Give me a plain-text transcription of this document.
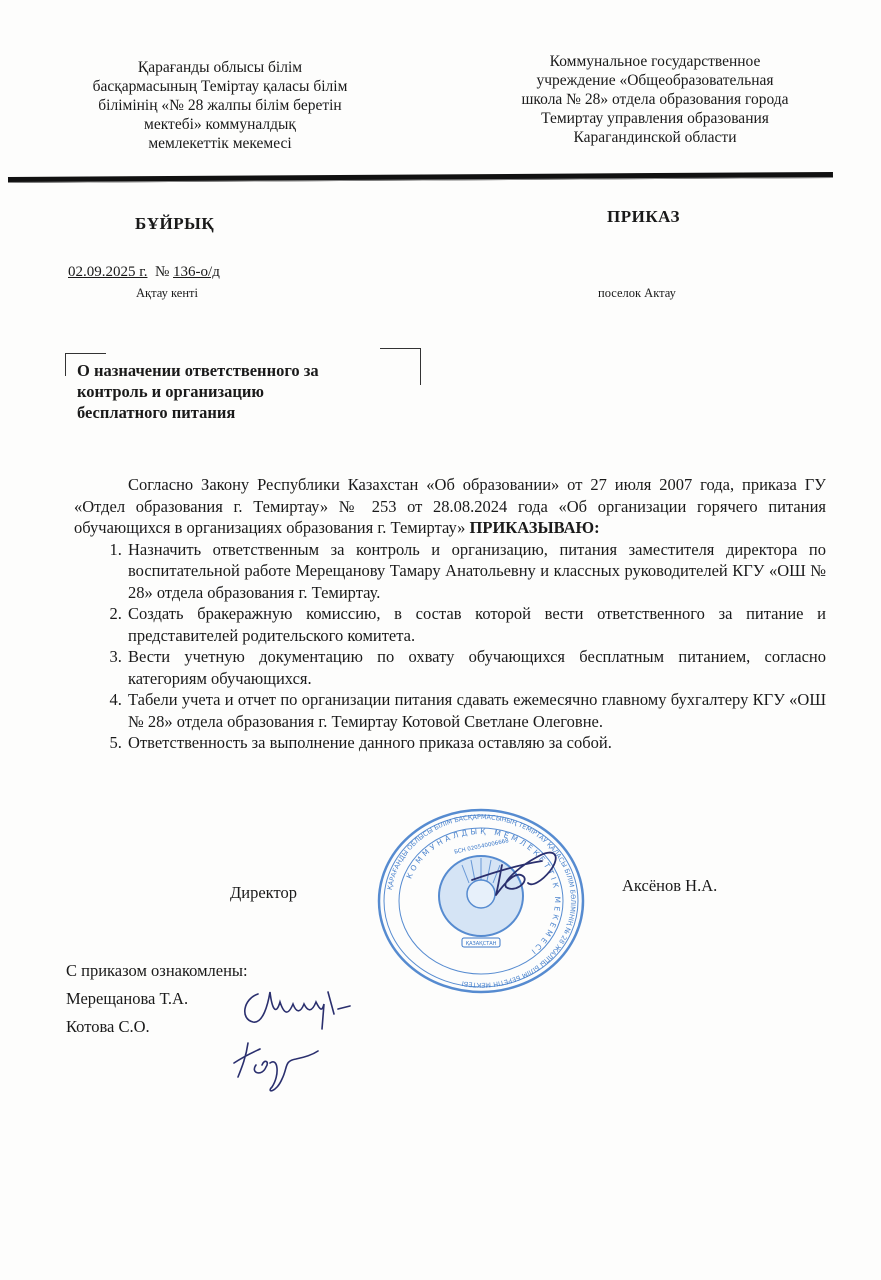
Қарағанды облысы білім
басқармасының Теміртау қаласы білім
білімінің «№ 28 жалпы білім беретін
мектебі» коммуналдық
мемлекеттік мекемесі
Коммунальное государственное
учреждение «Общеобразовательная
школа № 28» отдела образования города
Темиртау управления образования
Карагандинской области
БҰЙРЫҚ	ПРИКАЗ
02.09.2025 г. № 136-о/д
Ақтау кенті	поселок Актау
О назначении ответственного за
контроль и организацию
бесплатного питания
Согласно Закону Республики Казахстан «Об образовании» от 27 июля 2007 года, приказа ГУ «Отдел образования г. Темиртау» № 253 от 28.08.2024 года «Об организации горячего питания обучающихся в организациях образования г. Темиртау» ПРИКАЗЫВАЮ:
1. Назначить ответственным за контроль и организацию, питания заместителя директора по воспитательной работе Мерещанову Тамару Анатольевну и классных руководителей КГУ «ОШ № 28» отдела образования г. Темиртау.
2. Создать бракеражную комиссию, в состав которой вести ответственного за питание и представителей родительского комитета.
3. Вести учетную документацию по охвату обучающихся бесплатным питанием, согласно категориям обучающихся.
4. Табели учета и отчет по организации питания сдавать ежемесячно главному бухгалтеру КГУ «ОШ № 28» отдела образования г. Темиртау Котовой Светлане Олеговне.
5. Ответственность за выполнение данного приказа оставляю за собой.
ҚАЗАҚСТАН
ҚАРАҒАНДЫ ОБЛЫСЫ БІЛІМ БАСҚАРМАСЫНЫҢ ТЕМІРТАУ ҚАЛАСЫ БІЛІМ БӨЛІМІНІҢ № 28 ЖАЛПЫ БІЛІМ БЕРЕТІН МЕКТЕБІ
КОММУНАЛДЫҚ МЕМЛЕКЕТТІК МЕКЕМЕСІ
БСН 020540006668
Директор	Аксёнов Н.А.
С приказом ознакомлены:
Мерещанова Т.А.
Котова С.О.
